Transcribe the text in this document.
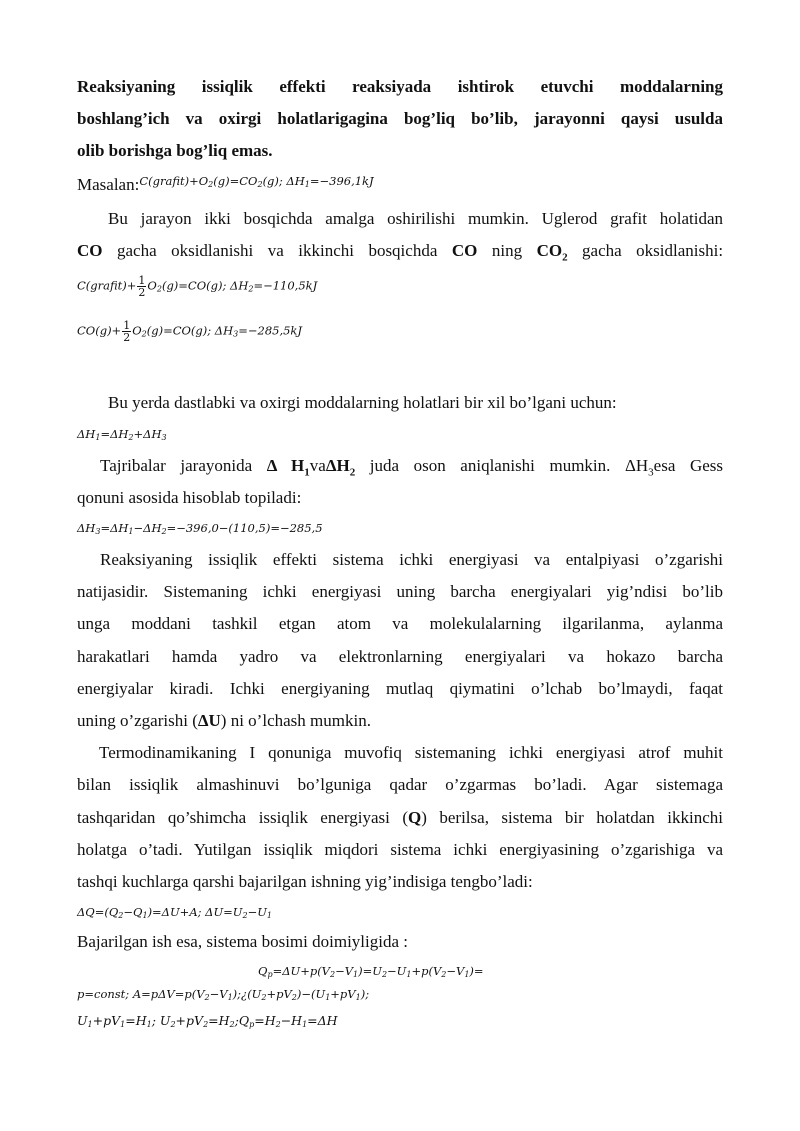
Reaksiyaning issiqlik effekti reaksiyada ishtirok etuvchi moddalarning
boshlang’ich va oxirgi holatlarigagina bog’liq bo’lib, jarayonni qaysi usulda
olib borishga bog’liq emas.
Masalan:$^{C(grafit)+O_2(g)=CO_2(g); \Delta H_1=-396,1kJ}$
Bu jarayon ikki bosqichda amalga oshirilishi mumkin. Uglerod grafit holatidan
CO gacha oksidlanishi va ikkinchi bosqichda CO ning $CO_2$ gacha oksidlanishi:
C(grafit)+ $\frac{1}{2} O_2(g)=CO(g)$; $\Delta H_2=-110,5kJ$
$CO(g)+ \frac{1}{2} O_2(g)=CO(g)$; $\Delta H_3=-285,5kJ$
Bu yerda dastlabki va oxirgi moddalarning holatlari bir xil bo’lgani uchun:
$\Delta H_1=\Delta H_2+\Delta H_3$
Tajribalar jarayonida Δ $H_1va\Delta H_2$ juda oson aniqlanishi mumkin. $\Delta H_3esa$ Gess
qonuni asosida hisoblab topiladi:
$\Delta H_3=\Delta H_1-\Delta H_2=-396,0-(110,5)=-285,5$
Reaksiyaning issiqlik effekti sistema ichki energiyasi va entalpiyasi o’zgarishi
natijasidir. Sistemaning ichki energiyasi uning barcha energiyalari yig’ndisi bo’lib
unga moddani tashkil etgan atom va molekulalarning ilgarilanma, aylanma
harakatlari hamda yadro va elektronlarning energiyalari va hokazo barcha
energiyalar kiradi. Ichki energiyaning mutlaq qiymatini o’lchab bo’lmaydi, faqat
uning o’zgarishi (ΔU) ni o’lchash mumkin.
Termodinamikaning I qonuniga muvofiq sistemaning ichki energiyasi atrof muhit
bilan issiqlik almashinuvi bo’lguniga qadar o’zgarmas bo’ladi. Agar sistemaga
tashqaridan qo’shimcha issiqlik energiyasi (Q) berilsa, sistema bir holatdan ikkinchi
holatga o’tadi. Yutilgan issiqlik miqdori sistema ichki energiyasining o’zgarishiga va
tashqi kuchlarga qarshi bajarilgan ishning yig’indisiga tengbo’ladi:
$\Delta Q=(Q_2-Q_1)=\Delta U+A$; $\Delta U=U_2-U_1$
Bajarilgan ish esa, sistema bosimi doimiyligida :
$Q_p=\Delta U+p(V_2-V_1)=U_2-U_1+p(V_2-V_1)=$
p=const; $A=p\Delta V=p(V_2-V_1);¿(U_2+pV_2)-(U_1+pV_1)$;
$U_1+pV_1=H_1$; $U_2+pV_2=H_2;Q_p=H_2-H_1=\Delta H$
